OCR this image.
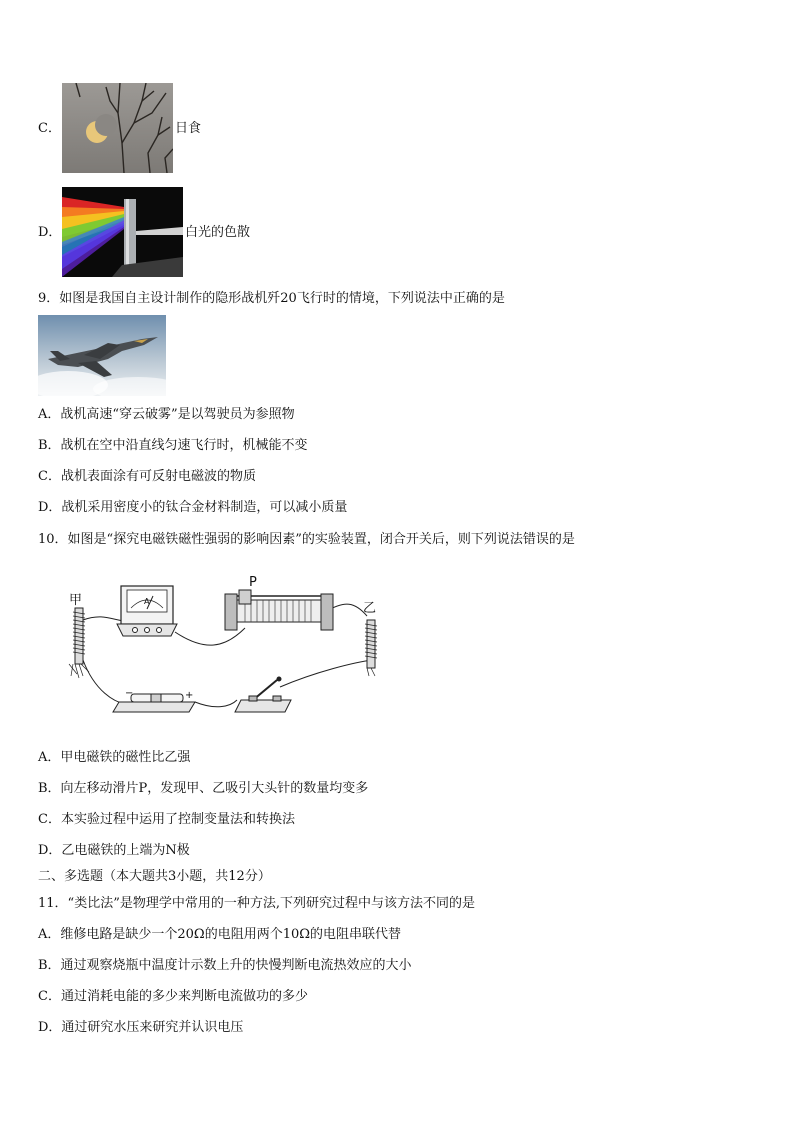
C．	日食
D．	白光的色散
9．如图是我国自主设计制作的隐形战机歼20飞行时的情境，下列说法中正确的是
A．战机高速“穿云破雾”是以驾驶员为参照物
B．战机在空中沿直线匀速飞行时，机械能不变
C．战机表面涂有可反射电磁波的物质
D．战机采用密度小的钛合金材料制造，可以减小质量
10．如图是“探究电磁铁磁性强弱的影响因素”的实验装置，闭合开关后，则下列说法错误的是
甲	A
P
乙
−	+
A．甲电磁铁的磁性比乙强
B．向左移动滑片P，发现甲、乙吸引大头针的数量均变多
C．本实验过程中运用了控制变量法和转换法
D．乙电磁铁的上端为N极
二、多选题（本大题共3小题，共12分）
11．“类比法”是物理学中常用的一种方法,下列研究过程中与该方法不同的是
A．维修电路是缺少一个20Ω的电阻用两个10Ω的电阻串联代替
B．通过观察烧瓶中温度计示数上升的快慢判断电流热效应的大小
C．通过消耗电能的多少来判断电流做功的多少
D．通过研究水压来研究并认识电压
